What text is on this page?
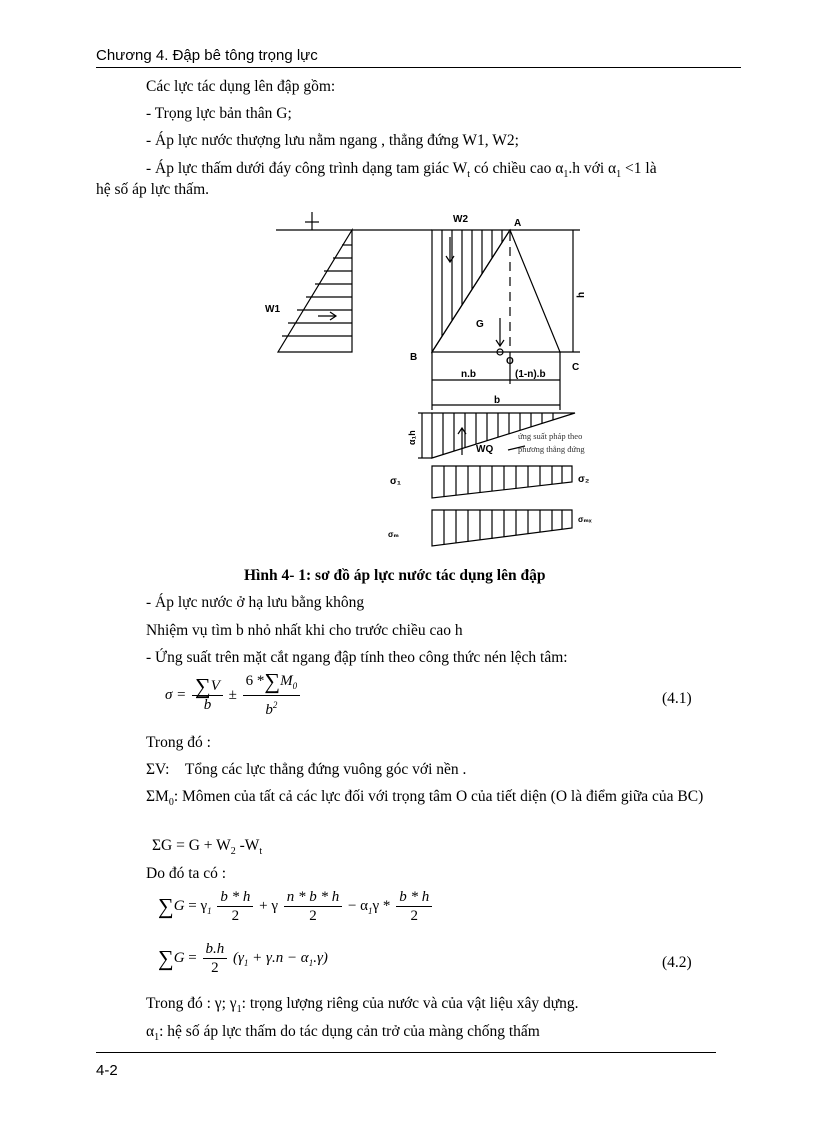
Chương 4. Đập bê tông trọng lực
Các lực tác dụng lên đập gồm:
- Trọng lực bản thân G;
- Áp lực nước thượng lưu nằm ngang , thẳng đứng W1, W2;
- Áp lực thấm dưới đáy công trình dạng tam giác $W_t$ có chiều cao $\alpha_1.h$ với $\alpha_1 <1$ là
hệ số áp lực thấm.
W2	A
W1
G
h
B	O
C
n.b	(1-n).b
b
α₁h
WQ
σ₁	σ₂
σₘₓ
σₘ
ứng suất pháp theo
phương thẳng đứng
Hình 4- 1: sơ đồ áp lực nước tác dụng lên đập
- Áp lực nước ở hạ lưu bằng không
Nhiệm vụ tìm b nhỏ nhất khi cho trước chiều cao h
- Ứng suất trên mặt cắt ngang đập tính theo công thức nén lệch tâm:
$\sigma = \frac{\sum V}{b} \pm \frac{6 *\sum M_0}{b^2}$	(4.1)
Trong đó :
ΣV: Tổng các lực thẳng đứng vuông góc với nền .
$\Sigma M_0$: Mômen của tất cả các lực đối với trọng tâm O của tiết diện (O là điểm giữa của BC)
$\Sigma G = G + W_2$ $-W_t$
Do đó ta có :
$\sum G = \gamma_1 \frac{b * h}{2} + \gamma \frac{n * b * h}{2} - \alpha_1\gamma * \frac{b * h}{2}$
$\sum G = \frac{b.h}{2} (\gamma_1 + \gamma.n - \alpha_1.\gamma)$	(4.2)
Trong đó : γ; $\gamma_1$: trọng lượng riêng của nước và của vật liệu xây dựng.
$\alpha_1$: hệ số áp lực thấm do tác dụng cản trở của màng chống thấm
4-2
